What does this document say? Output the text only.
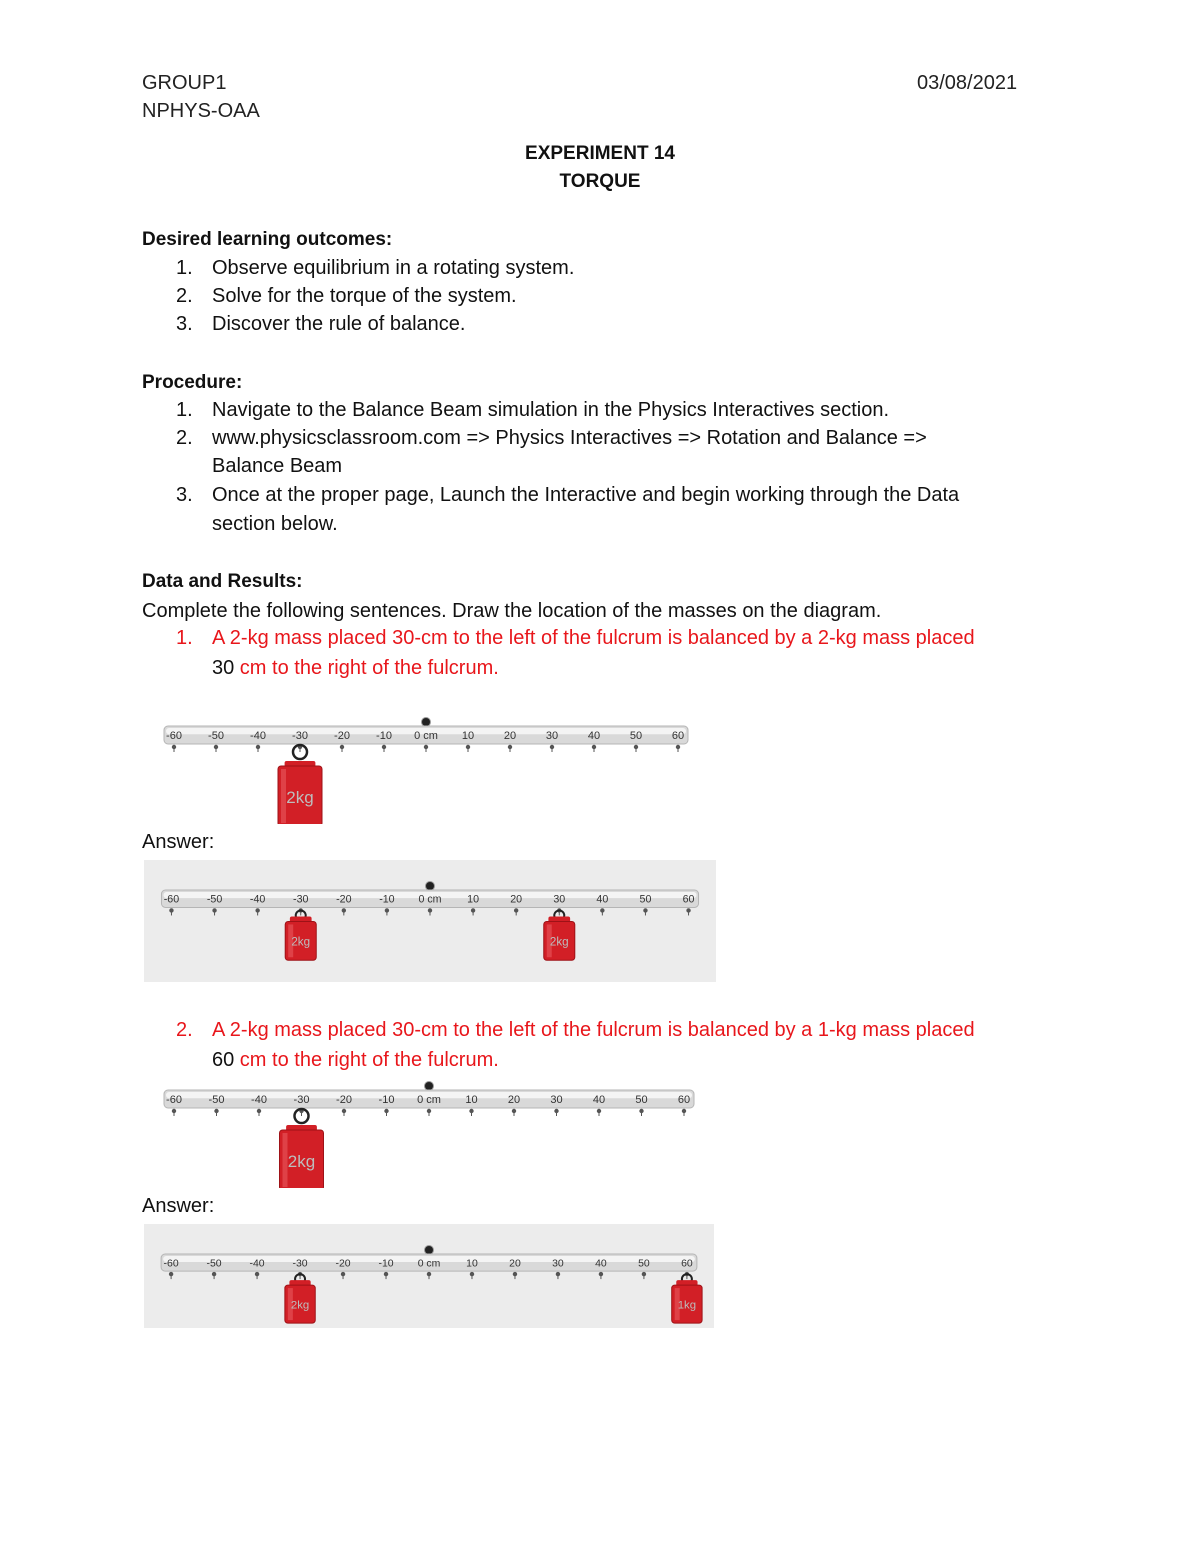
GROUP1
NPHYS-OAA
03/08/2021
EXPERIMENT 14
TORQUE
Desired learning outcomes:
1. Observe equilibrium in a rotating system.
2. Solve for the torque of the system.
3. Discover the rule of balance.
Procedure:
1. Navigate to the Balance Beam simulation in the Physics Interactives section.
2. www.physicsclassroom.com => Physics Interactives => Rotation and Balance =>
Balance Beam
3. Once at the proper page, Launch the Interactive and begin working through the Data
section below.
Data and Results:
Complete the following sentences. Draw the location of the masses on the diagram.
1. A 2-kg mass placed 30-cm to the left of the fulcrum is balanced by a 2-kg mass placed
30 cm to the right of the fulcrum.
-60 -50 -40 -30 -20 -10 0 cm 10	20	30	40	50	60
2kg
Answer:
-60	-50	-40	-30	-20	-10 0 cm 10	20	30	40	50	60
2kg	2kg
2. A 2-kg mass placed 30-cm to the left of the fulcrum is balanced by a 1-kg mass placed
60 cm to the right of the fulcrum.
-60 -50 -40 -30 -20 -10 0 cm 10	20	30	40	50	60
2kg
Answer:
-60	-50	-40	-30	-20	-10 0 cm 10	20	30	40	50	60
2kg	1kg
